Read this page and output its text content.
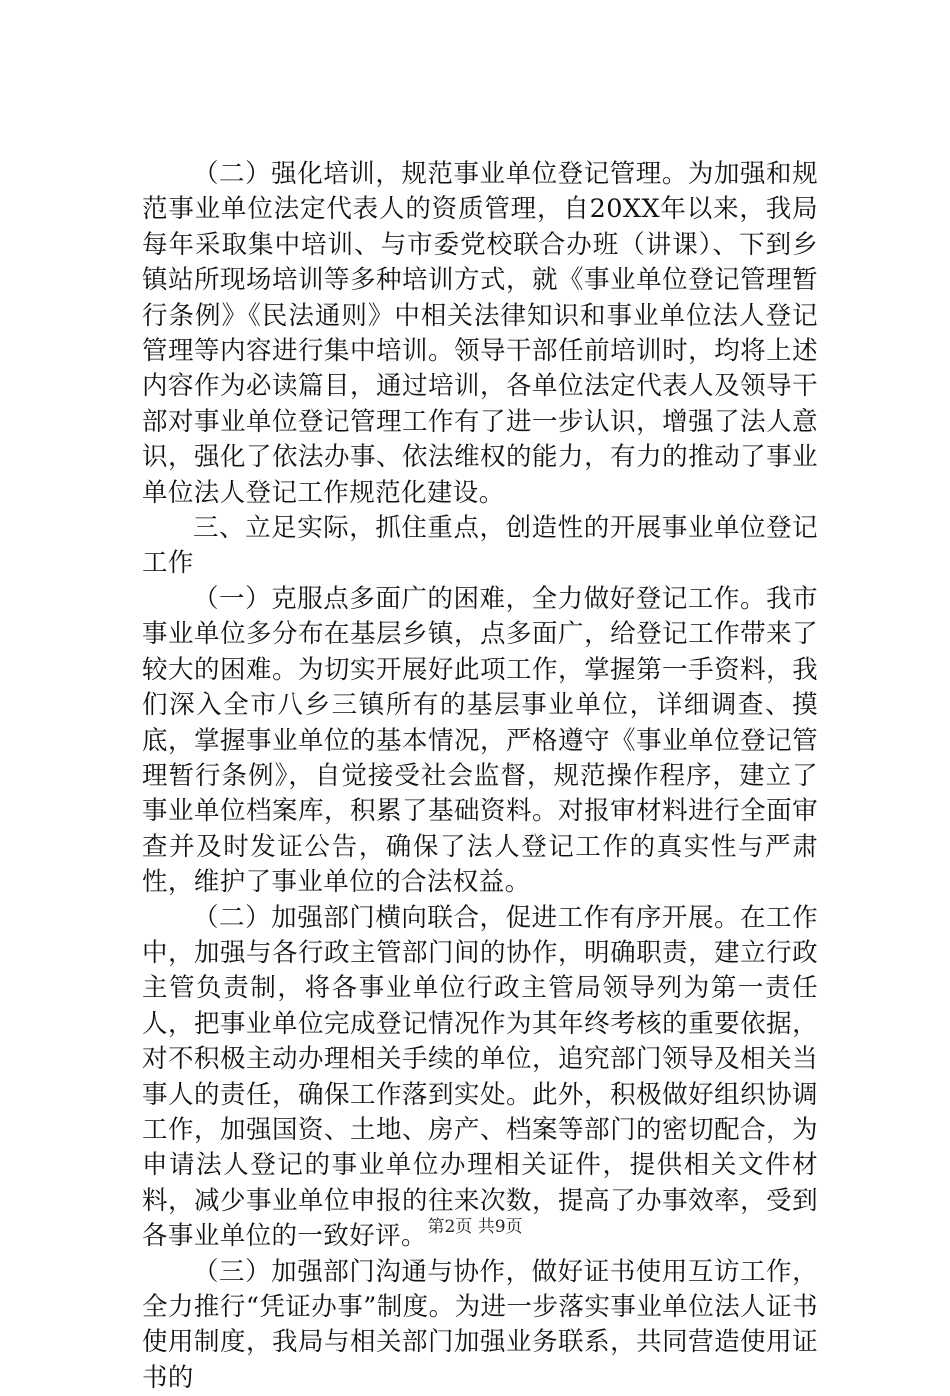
（二）强化培训，规范事业单位登记管理。为加强和规范事业单位法定代表人的资质管理，自20XX年以来，我局每年采取集中培训、与市委党校联合办班（讲课）、下到乡镇站所现场培训等多种培训方式，就《事业单位登记管理暂行条例》《民法通则》中相关法律知识和事业单位法人登记管理等内容进行集中培训。领导干部任前培训时，均将上述内容作为必读篇目，通过培训，各单位法定代表人及领导干部对事业单位登记管理工作有了进一步认识，增强了法人意识，强化了依法办事、依法维权的能力，有力的推动了事业单位法人登记工作规范化建设。

三、立足实际，抓住重点，创造性的开展事业单位登记工作

（一）克服点多面广的困难，全力做好登记工作。我市事业单位多分布在基层乡镇，点多面广，给登记工作带来了较大的困难。为切实开展好此项工作，掌握第一手资料，我们深入全市八乡三镇所有的基层事业单位，详细调查、摸底，掌握事业单位的基本情况，严格遵守《事业单位登记管理暂行条例》，自觉接受社会监督，规范操作程序，建立了事业单位档案库，积累了基础资料。对报审材料进行全面审查并及时发证公告，确保了法人登记工作的真实性与严肃性，维护了事业单位的合法权益。

（二）加强部门横向联合，促进工作有序开展。在工作中，加强与各行政主管部门间的协作，明确职责，建立行政主管负责制，将各事业单位行政主管局领导列为第一责任人，把事业单位完成登记情况作为其年终考核的重要依据，对不积极主动办理相关手续的单位，追究部门领导及相关当事人的责任，确保工作落到实处。此外，积极做好组织协调工作，加强国资、土地、房产、档案等部门的密切配合，为申请法人登记的事业单位办理相关证件，提供相关文件材料，减少事业单位申报的往来次数，提高了办事效率，受到各事业单位的一致好评。

（三）加强部门沟通与协作，做好证书使用互访工作，全力推行“凭证办事”制度。为进一步落实事业单位法人证书使用制度，我局与相关部门加强业务联系，共同营造使用证书的

第2页 共9页
